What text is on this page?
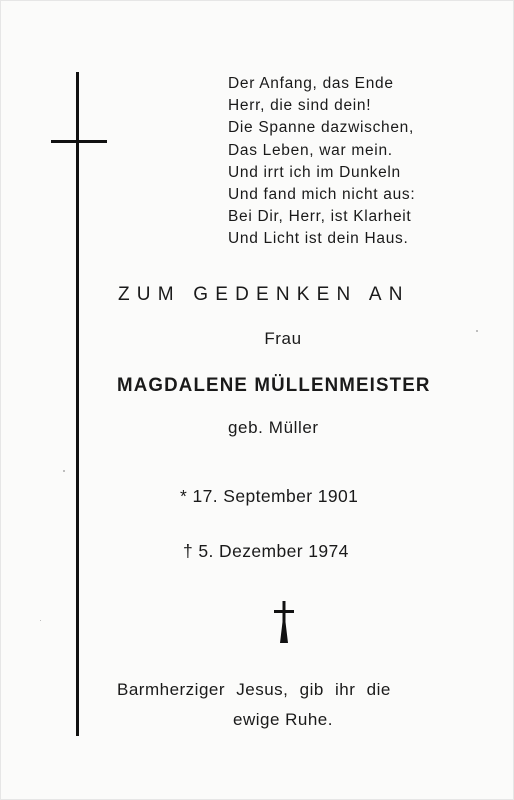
Der Anfang, das Ende
Herr, die sind dein!
Die Spanne dazwischen,
Das Leben, war mein.
Und irrt ich im Dunkeln
Und fand mich nicht aus:
Bei Dir, Herr, ist Klarheit
Und Licht ist dein Haus.
ZUM GEDENKEN AN
Frau
MAGDALENE MÜLLENMEISTER
geb. Müller
* 17. September 1901
† 5. Dezember 1974
Barmherziger Jesus, gib ihr die
ewige Ruhe.
